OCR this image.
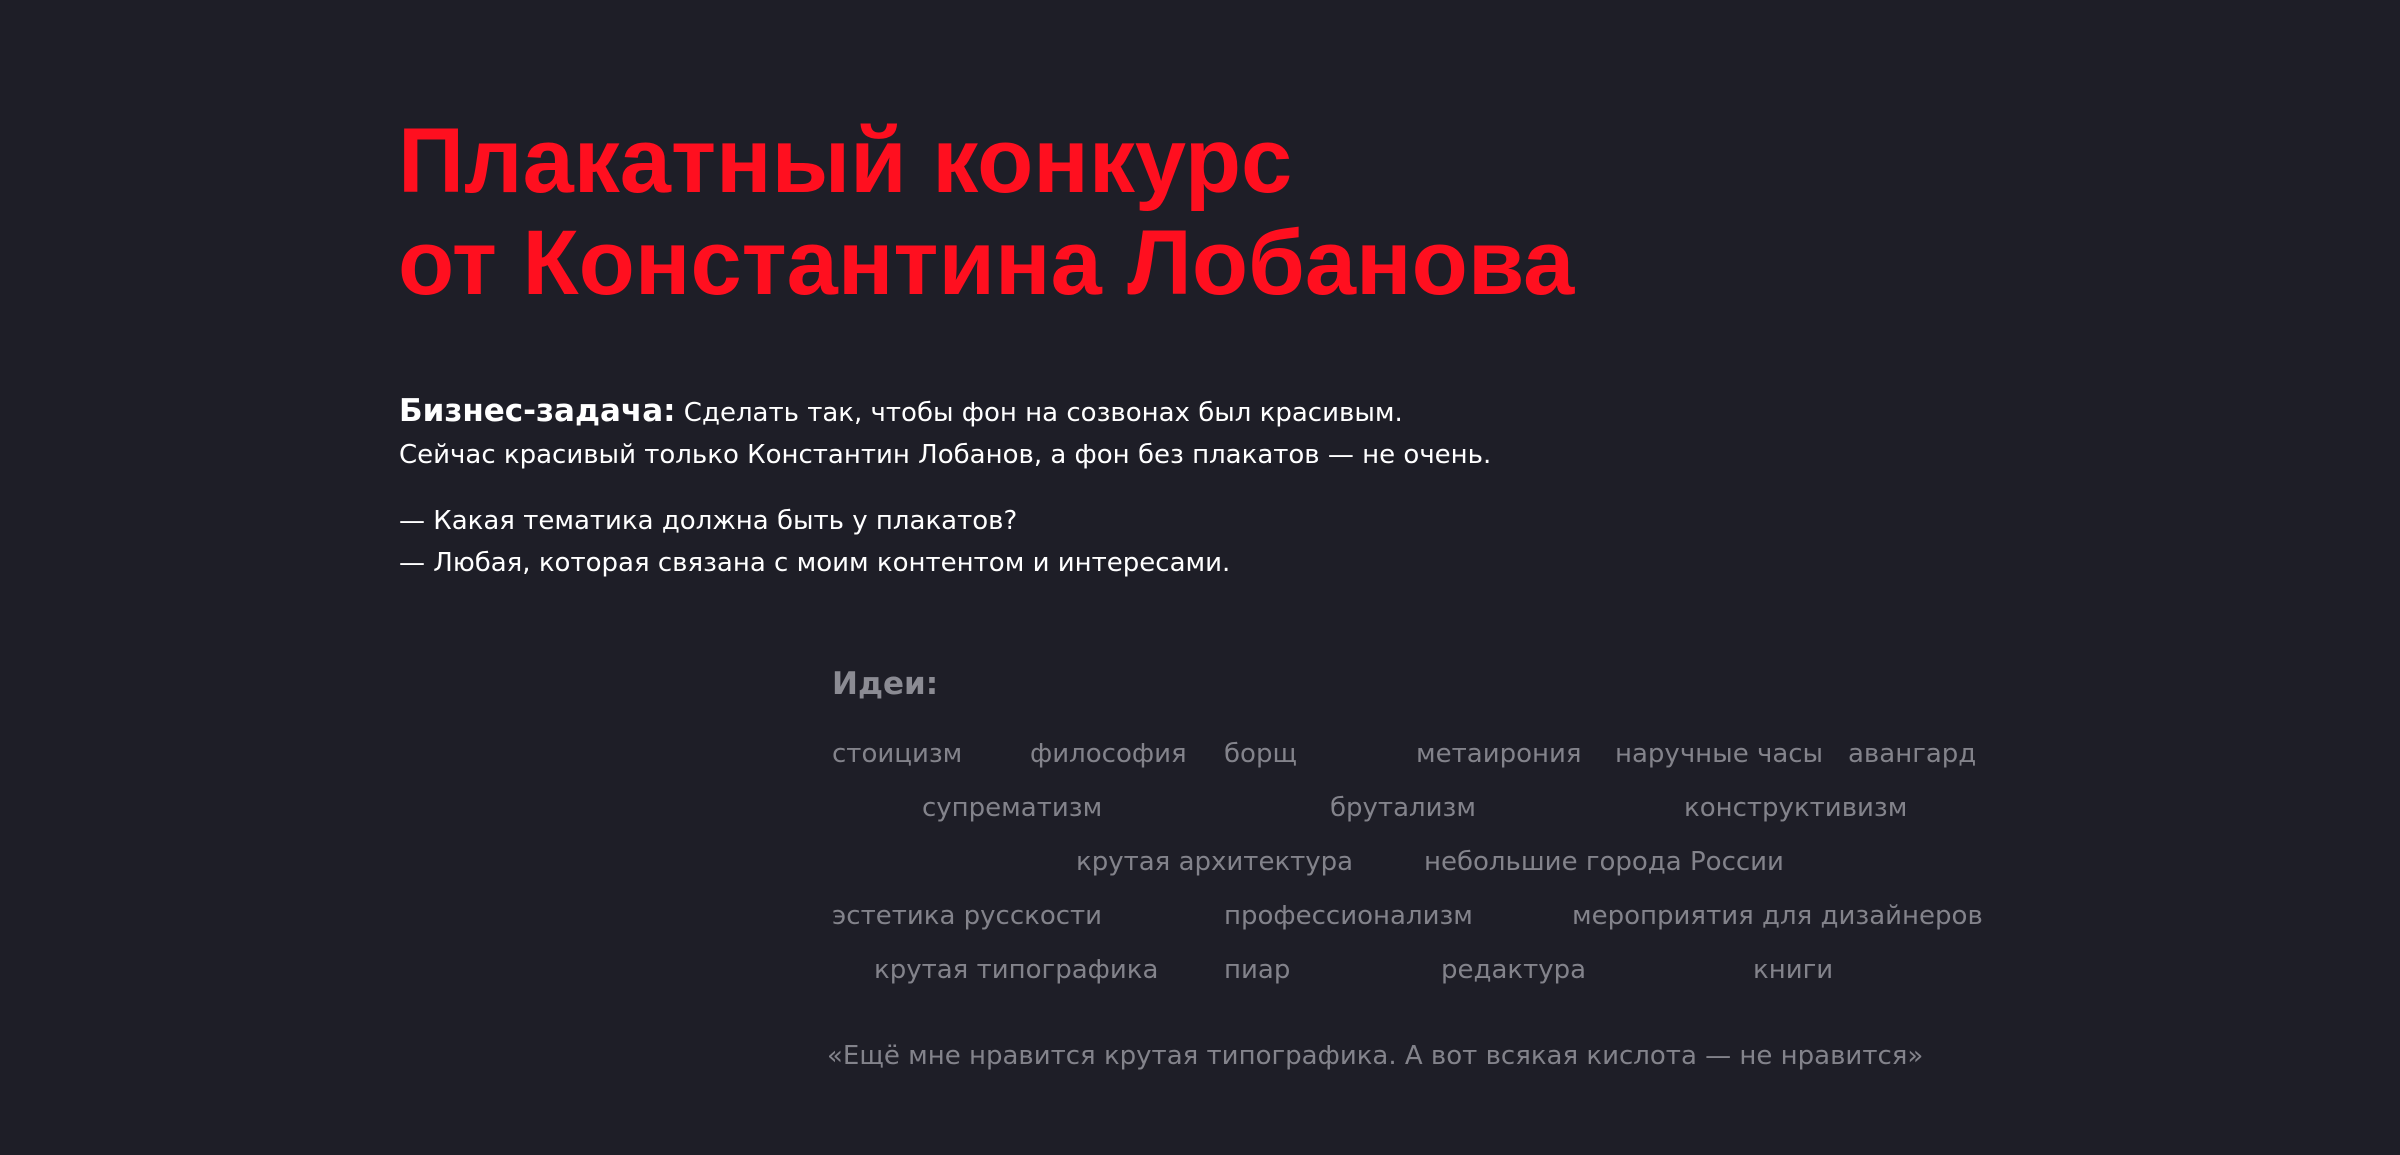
Плакатный конкурс
от Константина Лобанова
Бизнес-задача: Сделать так, чтобы фон на созвонах был красивым.
Сейчас красивый только Константин Лобанов, а фон без плакатов — не очень.
— Какая тематика должна быть у плакатов?
— Любая, которая связана с моим контентом и интересами.
Идеи:
стоицизм	философия борщ	метаирония наручные часы авангард
супрематизм	брутализм	конструктивизм
крутая архитектура	небольшие города России
эстетика русскости	профессионализм	мероприятия для дизайнеров
крутая типографика	пиар	редактура	книги
«Ещё мне нравится крутая типографика. А вот всякая кислота — не нравится»
